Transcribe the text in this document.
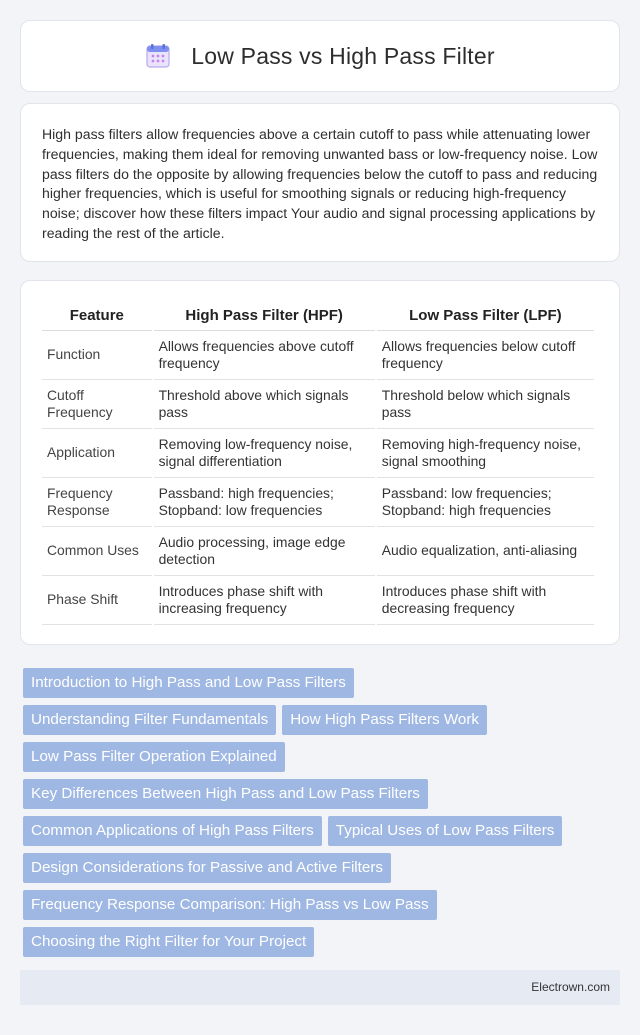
Low Pass vs High Pass Filter

High pass filters allow frequencies above a certain cutoff to pass while attenuating lower frequencies, making them ideal for removing unwanted bass or low-frequency noise. Low pass filters do the opposite by allowing frequencies below the cutoff to pass and reducing higher frequencies, which is useful for smoothing signals or reducing high-frequency noise; discover how these filters impact Your audio and signal processing applications by reading the rest of the article.

Feature	High Pass Filter (HPF)	Low Pass Filter (LPF)
Function	Allows frequencies above cutoff frequency	Allows frequencies below cutoff frequency
Cutoff Frequency	Threshold above which signals pass	Threshold below which signals pass
Application	Removing low-frequency noise, signal differentiation	Removing high-frequency noise, signal smoothing
Frequency Response	Passband: high frequencies; Stopband: low frequencies	Passband: low frequencies; Stopband: high frequencies
Common Uses	Audio processing, image edge detection	Audio equalization, anti-aliasing
Phase Shift	Introduces phase shift with increasing frequency	Introduces phase shift with decreasing frequency
Introduction to High Pass and Low Pass Filters
Understanding Filter Fundamentals	How High Pass Filters Work
Low Pass Filter Operation Explained
Key Differences Between High Pass and Low Pass Filters
Common Applications of High Pass Filters	Typical Uses of Low Pass Filters
Design Considerations for Passive and Active Filters
Frequency Response Comparison: High Pass vs Low Pass
Choosing the Right Filter for Your Project
Electrown.com
